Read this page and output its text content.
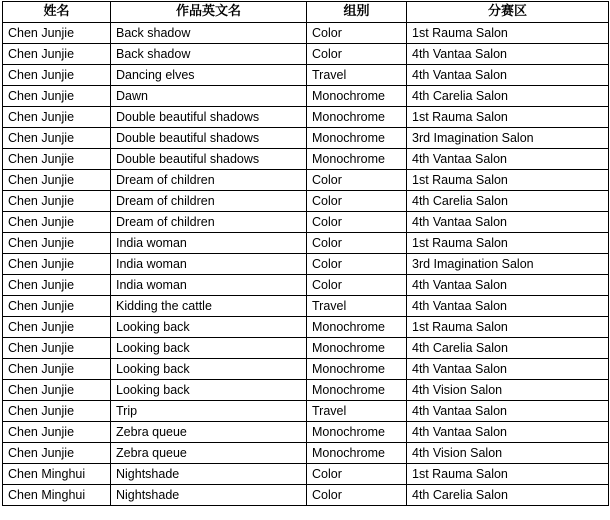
姓名	作品英文名	组别	分赛区
Chen Junjie	Back shadow	Color	1st Rauma Salon
Chen Junjie	Back shadow	Color	4th Vantaa Salon
Chen Junjie	Dancing elves	Travel	4th Vantaa Salon
Chen Junjie	Dawn	Monochrome	4th Carelia Salon
Chen Junjie	Double beautiful shadows	Monochrome	1st Rauma Salon
Chen Junjie	Double beautiful shadows	Monochrome	3rd Imagination Salon
Chen Junjie	Double beautiful shadows	Monochrome	4th Vantaa Salon
Chen Junjie	Dream of children	Color	1st Rauma Salon
Chen Junjie	Dream of children	Color	4th Carelia Salon
Chen Junjie	Dream of children	Color	4th Vantaa Salon
Chen Junjie	India woman	Color	1st Rauma Salon
Chen Junjie	India woman	Color	3rd Imagination Salon
Chen Junjie	India woman	Color	4th Vantaa Salon
Chen Junjie	Kidding the cattle	Travel	4th Vantaa Salon
Chen Junjie	Looking back	Monochrome	1st Rauma Salon
Chen Junjie	Looking back	Monochrome	4th Carelia Salon
Chen Junjie	Looking back	Monochrome	4th Vantaa Salon
Chen Junjie	Looking back	Monochrome	4th Vision Salon
Chen Junjie	Trip	Travel	4th Vantaa Salon
Chen Junjie	Zebra queue	Monochrome	4th Vantaa Salon
Chen Junjie	Zebra queue	Monochrome	4th Vision Salon
Chen Minghui	Nightshade	Color	1st Rauma Salon
Chen Minghui	Nightshade	Color	4th Carelia Salon
